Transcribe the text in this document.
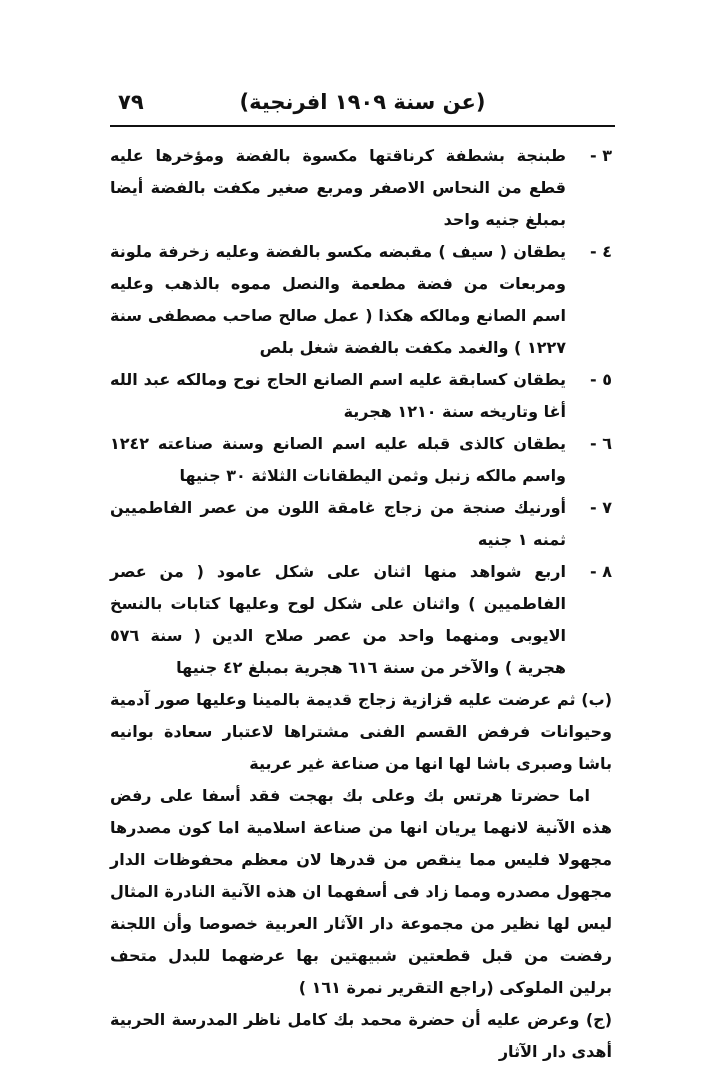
(عن سنة ١٩٠٩ افرنجية)
٧٩
٣ -
طبنجة بشطفة كرناقتها مكسوة بالفضة ومؤخرها عليه قطع من النحاس الاصفر ومربع صغير مكفت بالفضة أيضا بمبلغ جنيه واحد
٤ -
يطقان ( سيف ) مقبضه مكسو بالفضة وعليه زخرفة ملونة ومربعات من فضة مطعمة والنصل مموه بالذهب وعليه اسم الصانع ومالكه هكذا ( عمل صالح صاحب مصطفى سنة ١٢٢٧ ) والغمد مكفت بالفضة شغل بلص
٥ -
يطقان كسابقة عليه اسم الصانع الحاج نوح ومالكه عبد الله أغا وتاريخه سنة ١٢١٠ هجرية
٦ -
يطقان كالذى قبله عليه اسم الصانع وسنة صناعته ١٢٤٢ واسم مالكه زنبل وثمن اليطقانات الثلاثة ٣٠ جنيها
٧ -
أورنيك صنجة من زجاج غامقة اللون من عصر الفاطميين ثمنه ١ جنيه
٨ -
اربع شواهد منها اثنان على شكل عامود ( من عصر الفاطميين ) واثنان على شكل لوح وعليها كتابات بالنسخ الايوبى ومنهما واحد من عصر صلاح الدين ( سنة ٥٧٦ هجرية ) والآخر من سنة ٦١٦ هجرية بمبلغ ٤٢ جنيها

(ب) ثم عرضت عليه قزازية زجاج قديمة بالمينا وعليها صور آدمية وحيوانات فرفض القسم الفنى مشتراها لاعتبار سعادة بوانيه باشا وصبرى باشا لها انها من صناعة غير عربية

اما حضرتا هرتس بك وعلى بك بهجت فقد أسفا على رفض هذه الآنية لانهما يريان انها من صناعة اسلامية اما كون مصدرها مجهولا فليس مما ينقص من قدرها لان معظم محفوظات الدار مجهول مصدره ومما زاد فى أسفهما ان هذه الآنية النادرة المثال ليس لها نظير من مجموعة دار الآثار العربية خصوصا وأن اللجنة رفضت من قبل قطعتين شبيهتين بها عرضهما للبدل متحف برلين الملوكى (راجع التقرير نمرة ١٦١ )

(ج) وعرض عليه أن حضرة محمد بك كامل ناظر المدرسة الحربية أهدى دار الآثار
